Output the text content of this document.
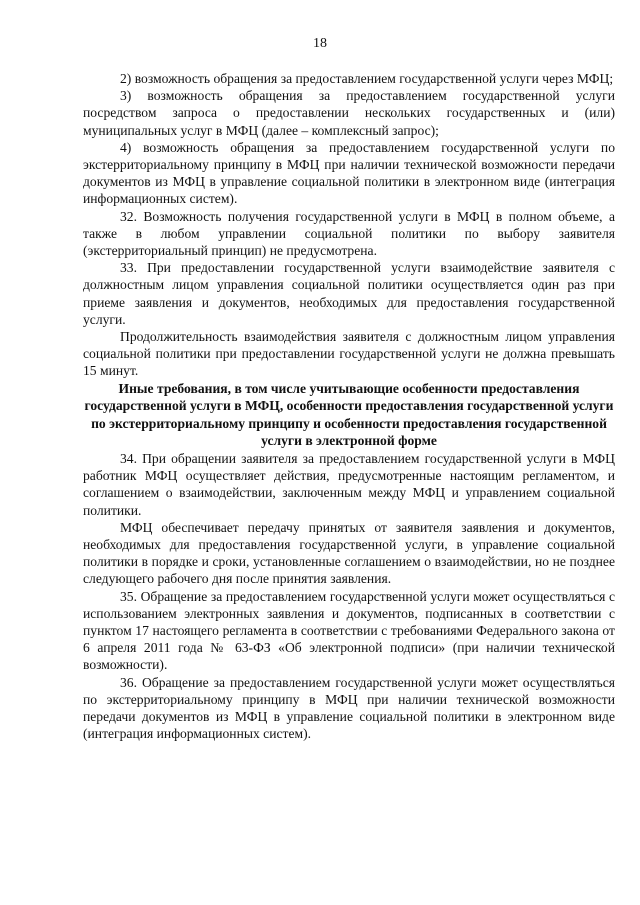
18

2) возможность обращения за предоставлением государственной услуги через МФЦ;

3) возможность обращения за предоставлением государственной услуги посредством запроса о предоставлении нескольких государственных и (или) муниципальных услуг в МФЦ (далее – комплексный запрос);

4) возможность обращения за предоставлением государственной услуги по экстерриториальному принципу в МФЦ при наличии технической возможности передачи документов из МФЦ в управление социальной политики в электронном виде (интеграция информационных систем).

32. Возможность получения государственной услуги в МФЦ в полном объеме, а также в любом управлении социальной политики по выбору заявителя (экстерриториальный принцип) не предусмотрена.

33. При предоставлении государственной услуги взаимодействие заявителя с должностным лицом управления социальной политики осуществляется один раз при приеме заявления и документов, необходимых для предоставления государственной услуги.

Продолжительность взаимодействия заявителя с должностным лицом управления социальной политики при предоставлении государственной услуги не должна превышать 15 минут.

Иные требования, в том числе учитывающие особенности предоставления государственной услуги в МФЦ, особенности предоставления государственной услуги по экстерриториальному принципу и особенности предоставления государственной услуги в электронной форме

34. При обращении заявителя за предоставлением государственной услуги в МФЦ работник МФЦ осуществляет действия, предусмотренные настоящим регламентом, и соглашением о взаимодействии, заключенным между МФЦ и управлением социальной политики.

МФЦ обеспечивает передачу принятых от заявителя заявления и документов, необходимых для предоставления государственной услуги, в управление социальной политики в порядке и сроки, установленные соглашением о взаимодействии, но не позднее следующего рабочего дня после принятия заявления.

35. Обращение за предоставлением государственной услуги может осуществляться с использованием электронных заявления и документов, подписанных в соответствии с пунктом 17 настоящего регламента в соответствии с требованиями Федерального закона от 6 апреля 2011 года № 63-ФЗ «Об электронной подписи» (при наличии технической возможности).

36. Обращение за предоставлением государственной услуги может осуществляться по экстерриториальному принципу в МФЦ при наличии технической возможности передачи документов из МФЦ в управление социальной политики в электронном виде (интеграция информационных систем).
